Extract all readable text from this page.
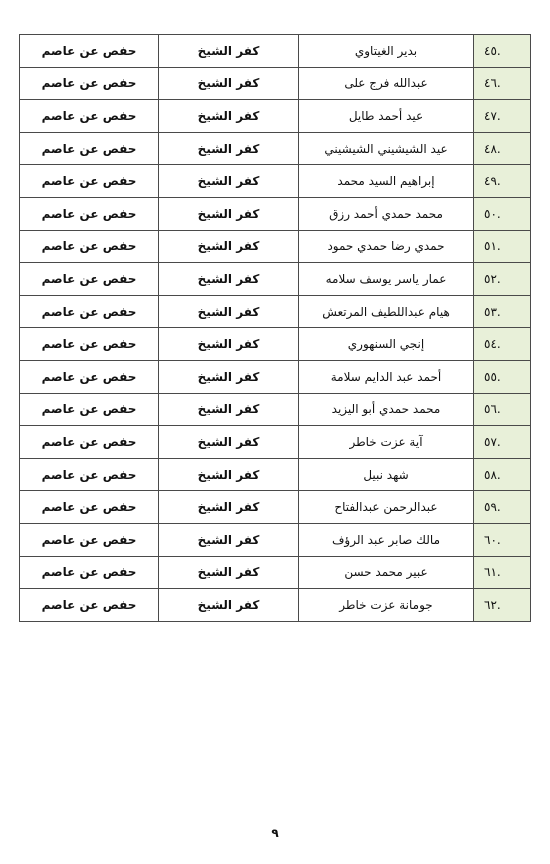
.٤٥	بدير الغيتاوي	كفر الشيخ	حفص عن عاصم
.٤٦	عبدالله فرج على	كفر الشيخ	حفص عن عاصم
.٤٧	عيد أحمد طايل	كفر الشيخ	حفص عن عاصم
.٤٨	عيد الشيشيني الشيشيني	كفر الشيخ	حفص عن عاصم
.٤٩	إبراهيم السيد محمد	كفر الشيخ	حفص عن عاصم
.٥٠	محمد حمدي أحمد رزق	كفر الشيخ	حفص عن عاصم
.٥١	حمدي رضا حمدي حمود	كفر الشيخ	حفص عن عاصم
.٥٢	عمار ياسر يوسف سلامه	كفر الشيخ	حفص عن عاصم
.٥٣	هيام عبداللطيف المرتعش	كفر الشيخ	حفص عن عاصم
.٥٤	إنجي السنهوري	كفر الشيخ	حفص عن عاصم
.٥٥	أحمد عبد الدايم سلامة	كفر الشيخ	حفص عن عاصم
.٥٦	محمد حمدي أبو اليزيد	كفر الشيخ	حفص عن عاصم
.٥٧	آية عزت خاطر	كفر الشيخ	حفص عن عاصم
.٥٨	شهد نبيل	كفر الشيخ	حفص عن عاصم
.٥٩	عبدالرحمن عبدالفتاح	كفر الشيخ	حفص عن عاصم
.٦٠	مالك صابر عبد الرؤف	كفر الشيخ	حفص عن عاصم
.٦١	عبير محمد حسن	كفر الشيخ	حفص عن عاصم
.٦٢	جومانة عزت خاطر	كفر الشيخ	حفص عن عاصم
٩
